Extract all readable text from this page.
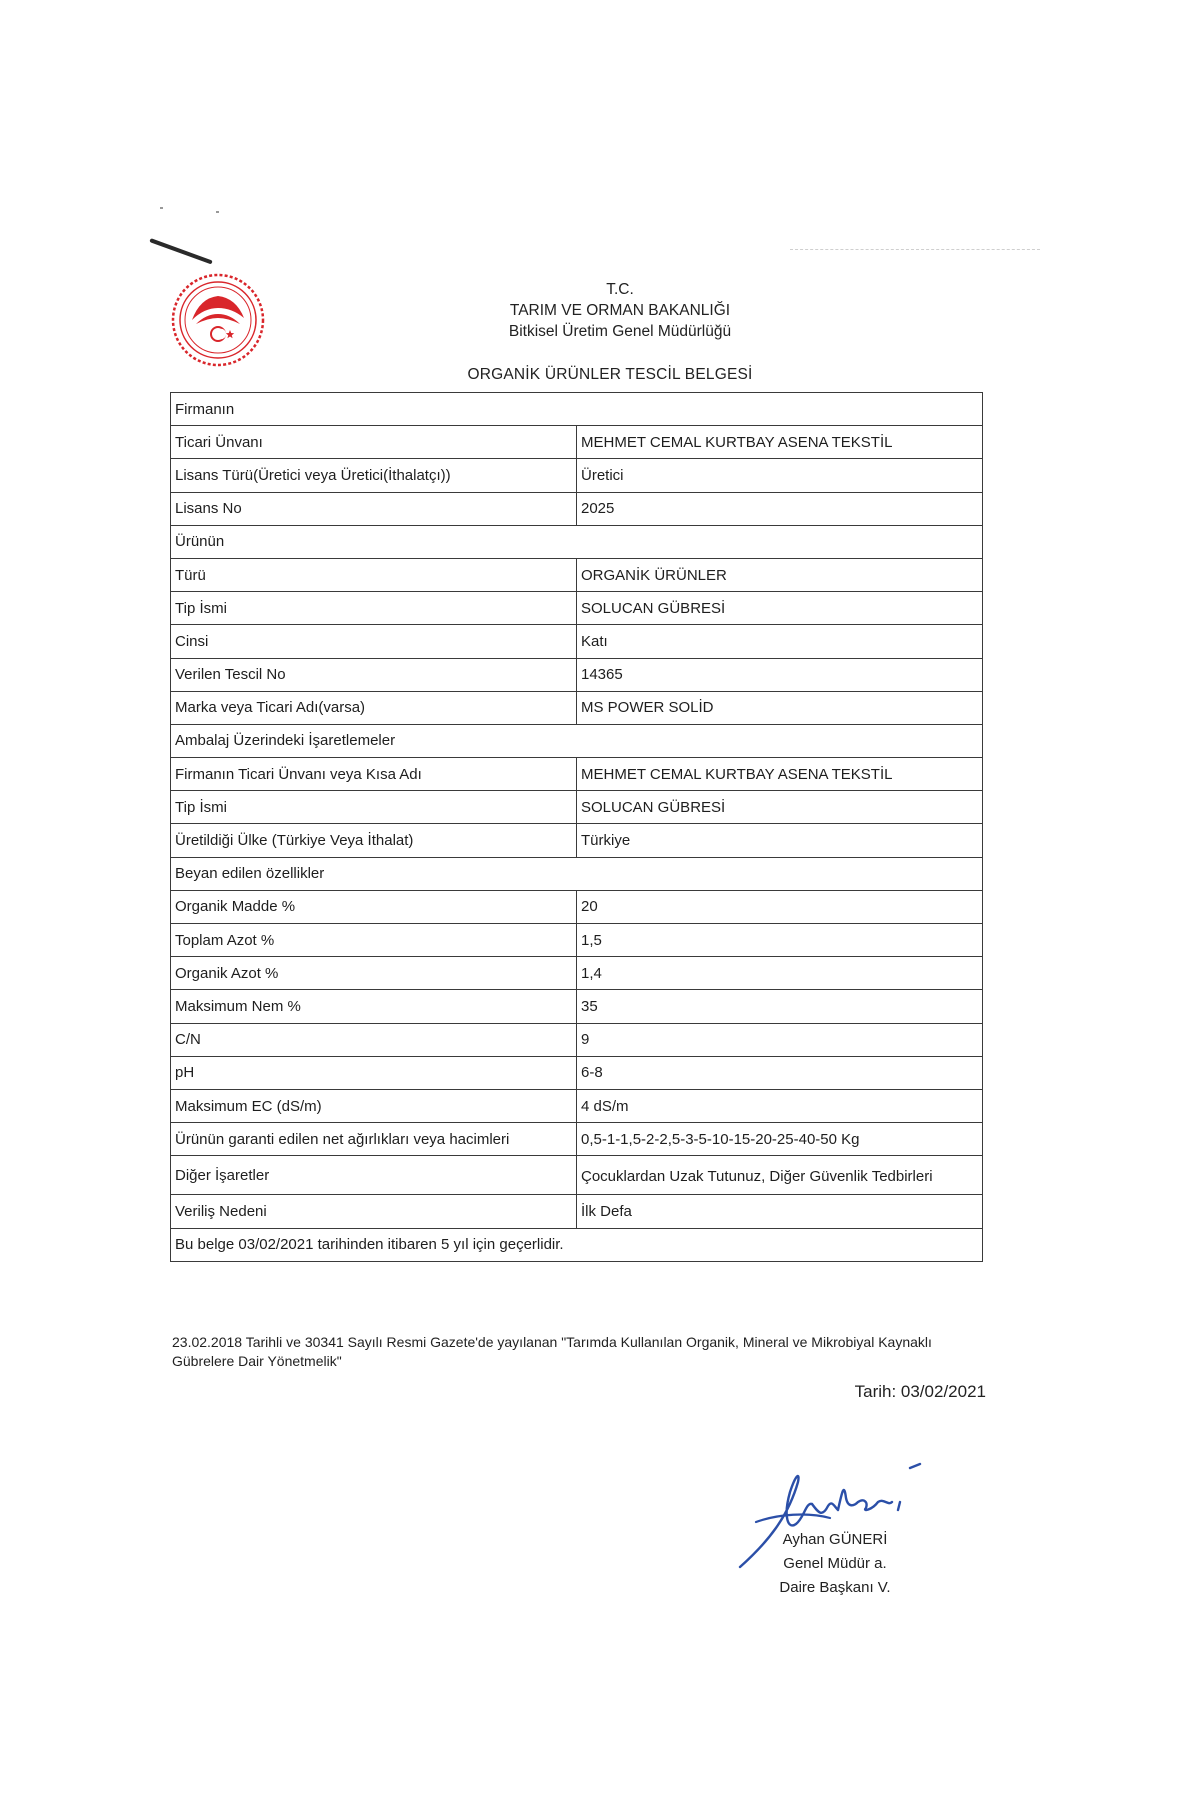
T.C.
TARIM VE ORMAN BAKANLIĞI
Bitkisel Üretim Genel Müdürlüğü
ORGANİK ÜRÜNLER TESCİL BELGESİ
Firmanın	
Ticari Ünvanı	MEHMET CEMAL KURTBAY ASENA TEKSTİL
Lisans Türü(Üretici veya Üretici(İthalatçı))	Üretici
Lisans No	2025
Ürünün	
Türü	ORGANİK ÜRÜNLER
Tip İsmi	SOLUCAN GÜBRESİ
Cinsi	Katı
Verilen Tescil No	14365
Marka veya Ticari Adı(varsa)	MS POWER SOLİD
Ambalaj Üzerindeki İşaretlemeler	
Firmanın Ticari Ünvanı veya Kısa Adı	MEHMET CEMAL KURTBAY ASENA TEKSTİL
Tip İsmi	SOLUCAN GÜBRESİ
Üretildiği Ülke (Türkiye Veya İthalat)	Türkiye
Beyan edilen özellikler	
Organik Madde %	20
Toplam Azot %	1,5
Organik Azot %	1,4
Maksimum Nem %	35
C/N	9
pH	6-8
Maksimum EC (dS/m)	4 dS/m
Ürünün garanti edilen net ağırlıkları veya hacimleri	0,5-1-1,5-2-2,5-3-5-10-15-20-25-40-50 Kg
Diğer İşaretler	Çocuklardan Uzak Tutunuz, Diğer Güvenlik Tedbirleri
Veriliş Nedeni	İlk Defa
Bu belge 03/02/2021 tarihinden itibaren 5 yıl için geçerlidir.	
23.02.2018 Tarihli ve 30341 Sayılı Resmi Gazete'de yayılanan "Tarımda Kullanılan Organik, Mineral ve Mikrobiyal Kaynaklı Gübrelere Dair Yönetmelik"
Tarih: 03/02/2021
Ayhan GÜNERİ
Genel Müdür a.
Daire Başkanı V.
